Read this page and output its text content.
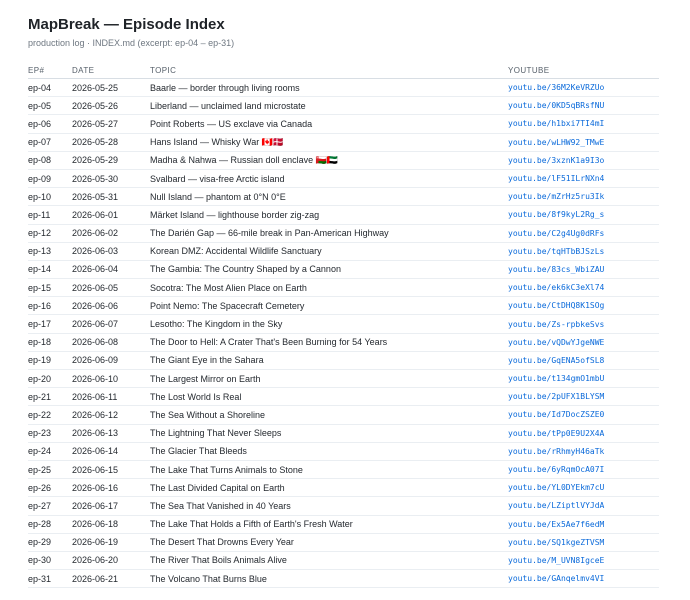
MapBreak — Episode Index
production log · INDEX.md (excerpt: ep-04 – ep-31)
EP#	DATE	TOPIC	YOUTUBE
ep-04	2026-05-25	Baarle — border through living rooms	youtu.be/36M2KeVRZUo
ep-05	2026-05-26	Liberland — unclaimed land microstate	youtu.be/0KD5qBRsfNU
ep-06	2026-05-27	Point Roberts — US exclave via Canada	youtu.be/h1bxi7TI4mI
ep-07	2026-05-28	Hans Island — Whisky War 🇨🇦🇩🇰	youtu.be/wLHW92_TMwE
ep-08	2026-05-29	Madha & Nahwa — Russian doll enclave 🇴🇲🇦🇪	youtu.be/3xznK1a9I3o
ep-09	2026-05-30	Svalbard — visa-free Arctic island	youtu.be/lF51ILrNXn4
ep-10	2026-05-31	Null Island — phantom at 0°N 0°E	youtu.be/mZrHz5ru3Ik
ep-11	2026-06-01	Märket Island — lighthouse border zig-zag	youtu.be/8f9kyL2Rg_s
ep-12	2026-06-02	The Darién Gap — 66-mile break in Pan-American Highway	youtu.be/C2g4Ug0dRFs
ep-13	2026-06-03	Korean DMZ: Accidental Wildlife Sanctuary	youtu.be/tqHTbBJSzLs
ep-14	2026-06-04	The Gambia: The Country Shaped by a Cannon	youtu.be/83cs_WbiZAU
ep-15	2026-06-05	Socotra: The Most Alien Place on Earth	youtu.be/ek6kC3eXl74
ep-16	2026-06-06	Point Nemo: The Spacecraft Cemetery	youtu.be/CtDHQ8K1SOg
ep-17	2026-06-07	Lesotho: The Kingdom in the Sky	youtu.be/Zs-rpbkeSvs
ep-18	2026-06-08	The Door to Hell: A Crater That's Been Burning for 54 Years	youtu.be/vQDwYJgeNWE
ep-19	2026-06-09	The Giant Eye in the Sahara	youtu.be/GqENA5ofSL8
ep-20	2026-06-10	The Largest Mirror on Earth	youtu.be/t134gmO1mbU
ep-21	2026-06-11	The Lost World Is Real	youtu.be/2pUFX1BLYSM
ep-22	2026-06-12	The Sea Without a Shoreline	youtu.be/Id7DocZSZE0
ep-23	2026-06-13	The Lightning That Never Sleeps	youtu.be/tPp0E9U2X4A
ep-24	2026-06-14	The Glacier That Bleeds	youtu.be/rRhmyH46aTk
ep-25	2026-06-15	The Lake That Turns Animals to Stone	youtu.be/6yRqmOcA07I
ep-26	2026-06-16	The Last Divided Capital on Earth	youtu.be/YL0DYEkm7cU
ep-27	2026-06-17	The Sea That Vanished in 40 Years	youtu.be/LZiptlVYJdA
ep-28	2026-06-18	The Lake That Holds a Fifth of Earth's Fresh Water	youtu.be/Ex5Ae7f6edM
ep-29	2026-06-19	The Desert That Drowns Every Year	youtu.be/SQ1kgeZTVSM
ep-30	2026-06-20	The River That Boils Animals Alive	youtu.be/M_UVN8IgceE
ep-31	2026-06-21	The Volcano That Burns Blue	youtu.be/GAnqelmv4VI
